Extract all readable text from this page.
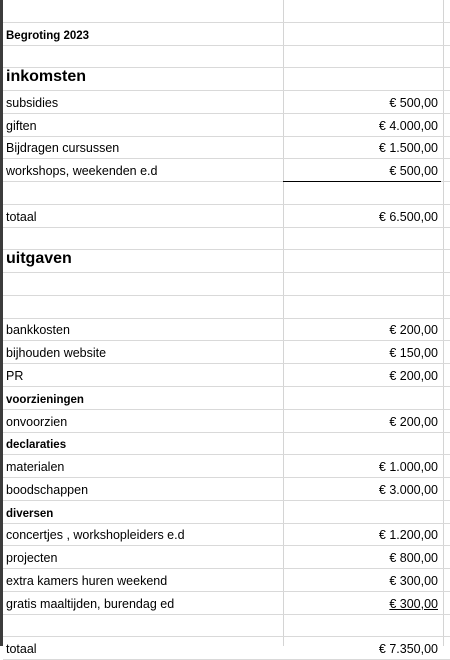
Begroting 2023
inkomsten
subsidies	€ 500,00
giften	€ 4.000,00
Bijdragen cursussen	€ 1.500,00
workshops, weekenden e.d	€ 500,00
totaal	€ 6.500,00
uitgaven
bankkosten	€ 200,00
bijhouden website	€ 150,00
PR	€ 200,00
voorzieningen
onvoorzien	€ 200,00
declaraties
materialen	€ 1.000,00
boodschappen	€ 3.000,00
diversen
concertjes , workshopleiders e.d	€ 1.200,00
projecten	€ 800,00
extra kamers huren weekend	€ 300,00
gratis maaltijden, burendag ed	€ 300,00
totaal	€ 7.350,00
